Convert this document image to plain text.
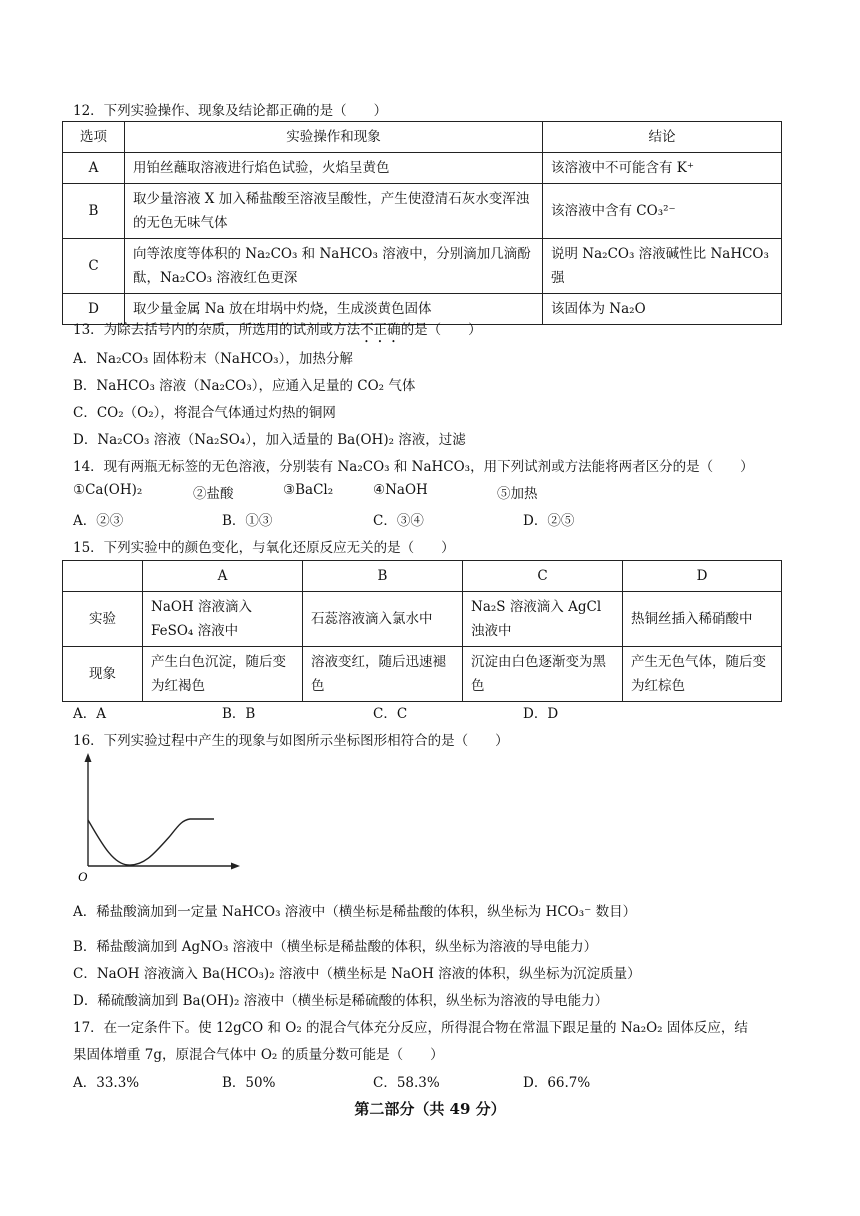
12．下列实验操作、现象及结论都正确的是（　　）
选项	实验操作和现象	结论
A	用铂丝蘸取溶液进行焰色试验，火焰呈黄色	该溶液中不可能含有 K⁺
B	取少量溶液 X 加入稀盐酸至溶液呈酸性，产生使澄清石灰水变浑浊的无色无味气体	该溶液中含有 CO₃²⁻
C	向等浓度等体积的 Na₂CO₃ 和 NaHCO₃ 溶液中，分别滴加几滴酚酞，Na₂CO₃ 溶液红色更深	说明 Na₂CO₃ 溶液碱性比 NaHCO₃ 强
D	取少量金属 Na 放在坩埚中灼烧，生成淡黄色固体	该固体为 Na₂O
13．为除去括号内的杂质，所选用的试剂或方法不正确的是（　　）
A．Na₂CO₃ 固体粉末（NaHCO₃），加热分解
B．NaHCO₃ 溶液（Na₂CO₃），应通入足量的 CO₂ 气体
C．CO₂（O₂），将混合气体通过灼热的铜网
D．Na₂CO₃ 溶液（Na₂SO₄），加入适量的 Ba(OH)₂ 溶液，过滤
14．现有两瓶无标签的无色溶液，分别装有 Na₂CO₃ 和 NaHCO₃，用下列试剂或方法能将两者区分的是（　　）
①Ca(OH)₂	②盐酸	③BaCl₂	④NaOH	⑤加热
A．②③	B．①③	C．③④	D．②⑤
15．下列实验中的颜色变化，与氧化还原反应无关的是（　　）
	A	B	C	D
实验	NaOH 溶液滴入 FeSO₄ 溶液中	石蕊溶液滴入氯水中	Na₂S 溶液滴入 AgCl 浊液中	热铜丝插入稀硝酸中
现象	产生白色沉淀，随后变为红褐色	溶液变红，随后迅速褪色	沉淀由白色逐渐变为黑色	产生无色气体，随后变为红棕色
A．A	B．B	C．C	D．D
16．下列实验过程中产生的现象与如图所示坐标图形相符合的是（　　）
O
A．稀盐酸滴加到一定量 NaHCO₃ 溶液中（横坐标是稀盐酸的体积，纵坐标为 HCO₃⁻ 数目）
B．稀盐酸滴加到 AgNO₃ 溶液中（横坐标是稀盐酸的体积，纵坐标为溶液的导电能力）
C．NaOH 溶液滴入 Ba(HCO₃)₂ 溶液中（横坐标是 NaOH 溶液的体积，纵坐标为沉淀质量）
D．稀硫酸滴加到 Ba(OH)₂ 溶液中（横坐标是稀硫酸的体积，纵坐标为溶液的导电能力）
17．在一定条件下。使 12gCO 和 O₂ 的混合气体充分反应，所得混合物在常温下跟足量的 Na₂O₂ 固体反应，结
果固体增重 7g，原混合气体中 O₂ 的质量分数可能是（　　）
A．33.3%	B．50%	C．58.3%	D．66.7%
第二部分（共 49 分）
